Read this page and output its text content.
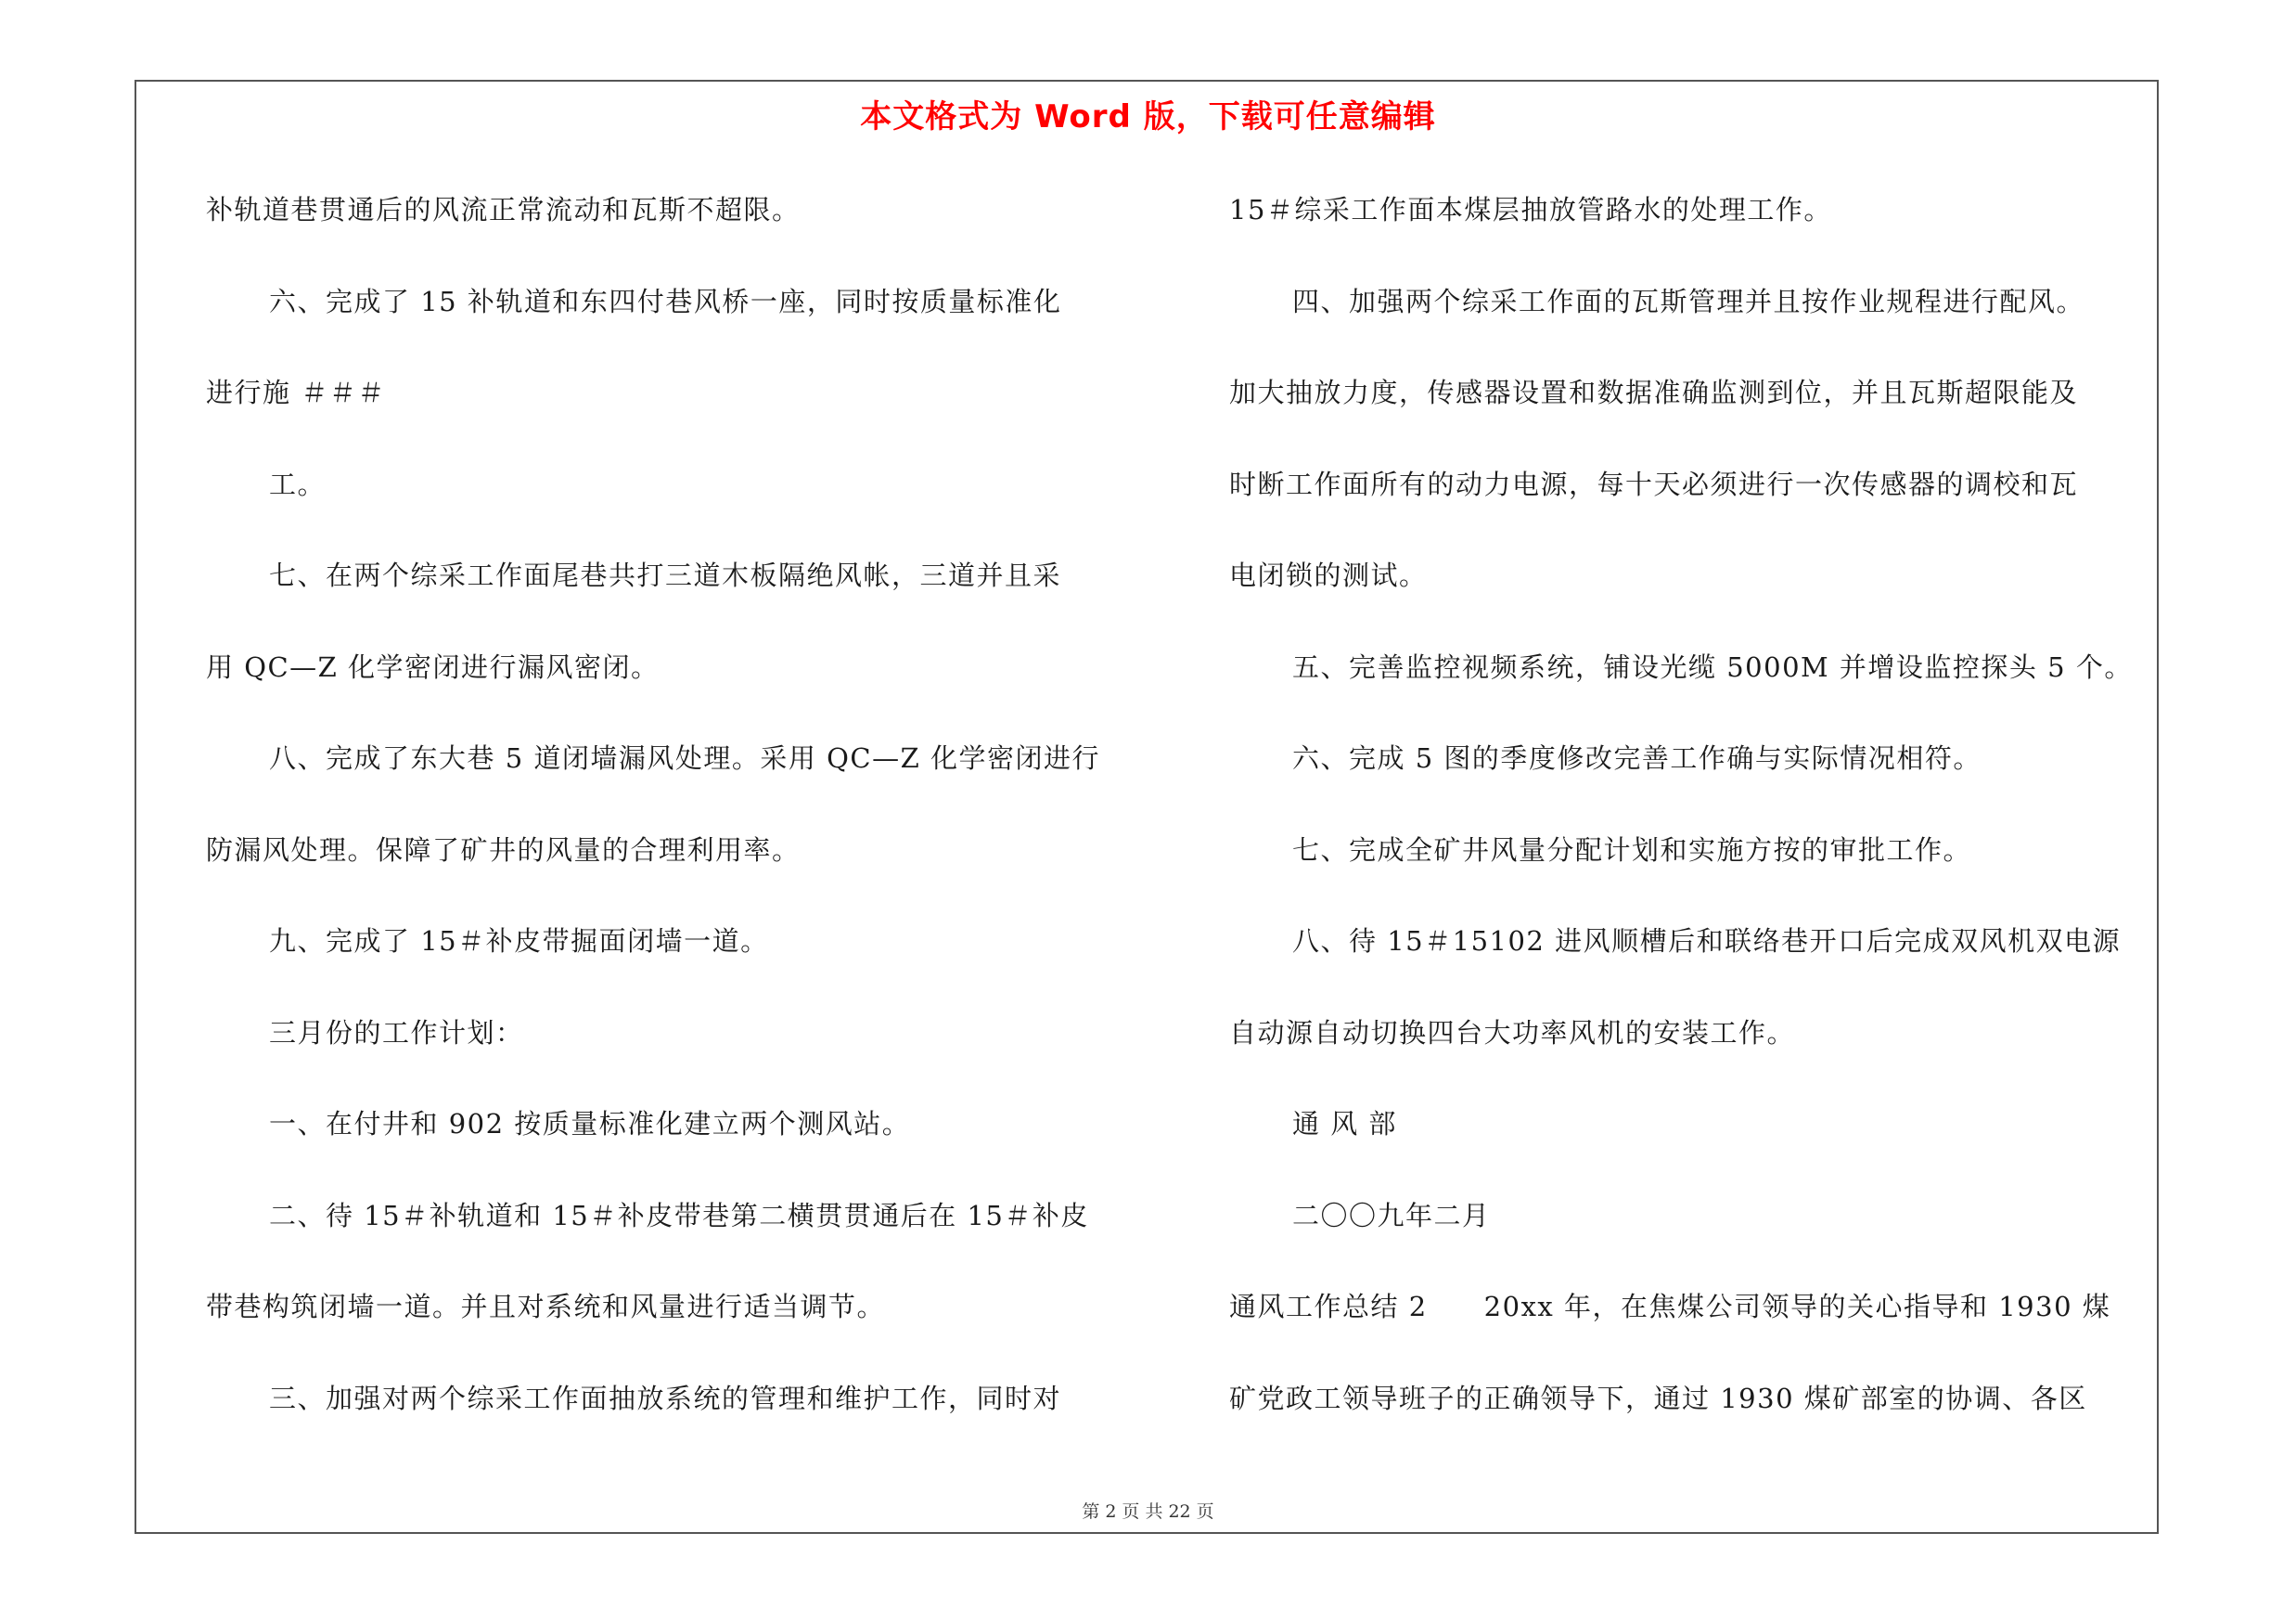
本文格式为 Word 版，下载可任意编辑
补轨道巷贯通后的风流正常流动和瓦斯不超限。
六、完成了 15 补轨道和东四付巷风桥一座，同时按质量标准化
进行施 ＃＃＃
工。
七、在两个综采工作面尾巷共打三道木板隔绝风帐，三道并且采
用 QC—Z 化学密闭进行漏风密闭。
八、完成了东大巷 5 道闭墙漏风处理。采用 QC—Z 化学密闭进行
防漏风处理。保障了矿井的风量的合理利用率。
九、完成了 15＃补皮带掘面闭墙一道。
三月份的工作计划：
一、在付井和 902 按质量标准化建立两个测风站。
二、待 15＃补轨道和 15＃补皮带巷第二横贯贯通后在 15＃补皮
带巷构筑闭墙一道。并且对系统和风量进行适当调节。
三、加强对两个综采工作面抽放系统的管理和维护工作，同时对
15＃综采工作面本煤层抽放管路水的处理工作。
四、加强两个综采工作面的瓦斯管理并且按作业规程进行配风。
加大抽放力度，传感器设置和数据准确监测到位，并且瓦斯超限能及
时断工作面所有的动力电源，每十天必须进行一次传感器的调校和瓦
电闭锁的测试。
五、完善监控视频系统，铺设光缆 5000M 并增设监控探头 5 个。
六、完成 5 图的季度修改完善工作确与实际情况相符。
七、完成全矿井风量分配计划和实施方按的审批工作。
八、待 15＃15102 进风顺槽后和联络巷开口后完成双风机双电源
自动源自动切换四台大功率风机的安装工作。
通 风 部
二〇〇九年二月
通风工作总结 2　　20xx 年，在焦煤公司领导的关心指导和 1930 煤
矿党政工领导班子的正确领导下，通过 1930 煤矿部室的协调、各区
第 2 页 共 22 页
